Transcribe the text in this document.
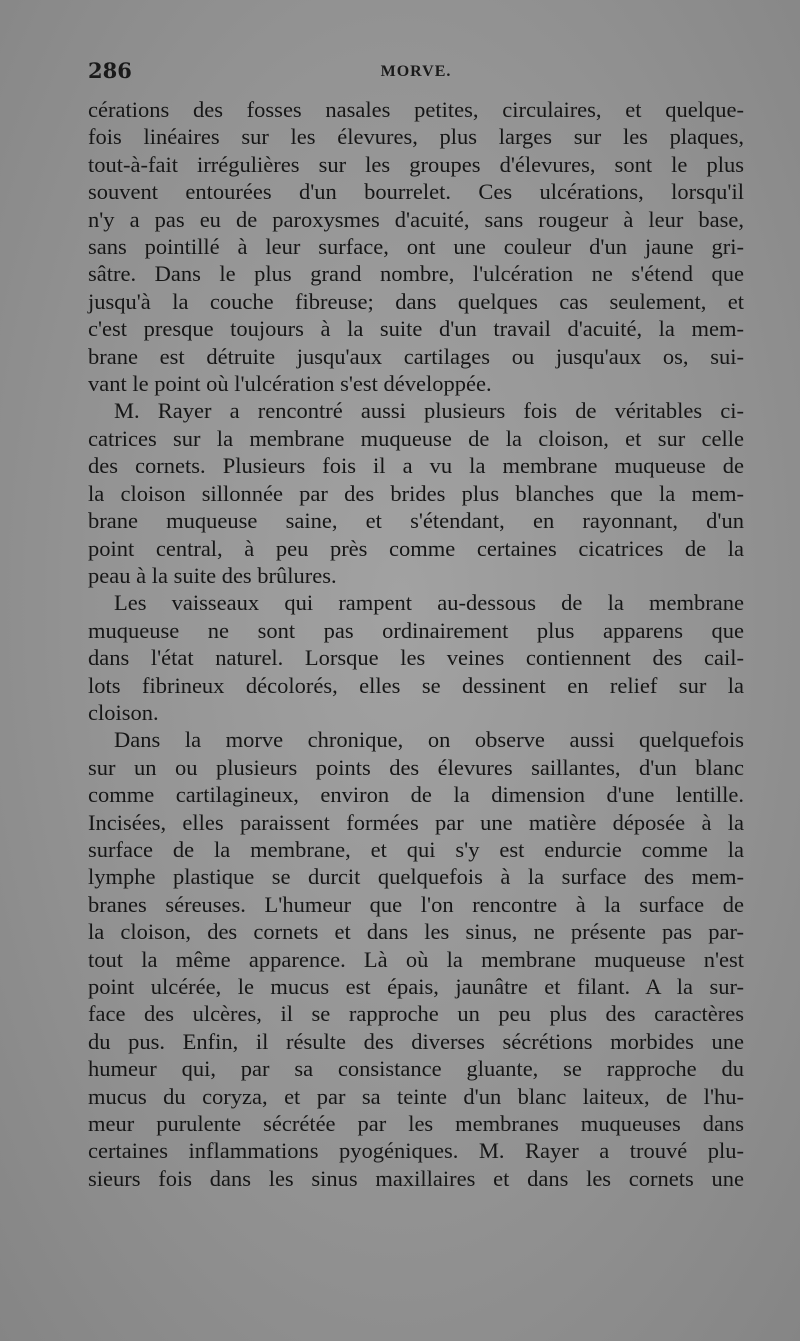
286	MORVE.
cérations des fosses nasales petites, circulaires, et quelque-
fois linéaires sur les élevures, plus larges sur les plaques,
tout-à-fait irrégulières sur les groupes d'élevures, sont le plus
souvent entourées d'un bourrelet. Ces ulcérations, lorsqu'il
n'y a pas eu de paroxysmes d'acuité, sans rougeur à leur base,
sans pointillé à leur surface, ont une couleur d'un jaune gri-
sâtre. Dans le plus grand nombre, l'ulcération ne s'étend que
jusqu'à la couche fibreuse; dans quelques cas seulement, et
c'est presque toujours à la suite d'un travail d'acuité, la mem-
brane est détruite jusqu'aux cartilages ou jusqu'aux os, sui-
vant le point où l'ulcération s'est développée.
M. Rayer a rencontré aussi plusieurs fois de véritables ci-
catrices sur la membrane muqueuse de la cloison, et sur celle
des cornets. Plusieurs fois il a vu la membrane muqueuse de
la cloison sillonnée par des brides plus blanches que la mem-
brane muqueuse saine, et s'étendant, en rayonnant, d'un
point central, à peu près comme certaines cicatrices de la
peau à la suite des brûlures.
Les vaisseaux qui rampent au-dessous de la membrane
muqueuse ne sont pas ordinairement plus apparens que
dans l'état naturel. Lorsque les veines contiennent des cail-
lots fibrineux décolorés, elles se dessinent en relief sur la
cloison.
Dans la morve chronique, on observe aussi quelquefois
sur un ou plusieurs points des élevures saillantes, d'un blanc
comme cartilagineux, environ de la dimension d'une lentille.
Incisées, elles paraissent formées par une matière déposée à la
surface de la membrane, et qui s'y est endurcie comme la
lymphe plastique se durcit quelquefois à la surface des mem-
branes séreuses. L'humeur que l'on rencontre à la surface de
la cloison, des cornets et dans les sinus, ne présente pas par-
tout la même apparence. Là où la membrane muqueuse n'est
point ulcérée, le mucus est épais, jaunâtre et filant. A la sur-
face des ulcères, il se rapproche un peu plus des caractères
du pus. Enfin, il résulte des diverses sécrétions morbides une
humeur qui, par sa consistance gluante, se rapproche du
mucus du coryza, et par sa teinte d'un blanc laiteux, de l'hu-
meur purulente sécrétée par les membranes muqueuses dans
certaines inflammations pyogéniques. M. Rayer a trouvé plu-
sieurs fois dans les sinus maxillaires et dans les cornets une
